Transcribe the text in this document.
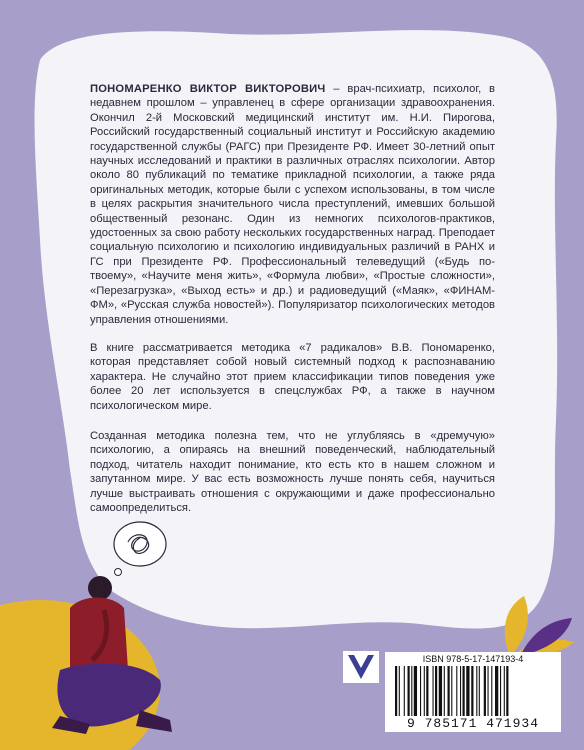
ПОНОМАРЕНКО ВИКТОР ВИКТОРОВИЧ – врач-психиатр, психолог, в недавнем прошлом – управленец в сфере организации здравоохранения. Окончил 2-й Московский медицинский институт им. Н.И. Пирогова, Российский государственный социальный институт и Российскую академию государственной службы (РАГС) при Президенте РФ. Имеет 30-летний опыт научных исследований и практики в различных отраслях психологии. Автор около 80 публикаций по тематике прикладной психологии, а также ряда оригинальных методик, которые были с успехом использованы, в том числе в целях раскрытия значительного числа преступлений, имевших большой общественный резонанс. Один из немногих психологов-практиков, удостоенных за свою работу нескольких государственных наград. Преподает социальную психологию и психологию индивидуальных различий в РАНХ и ГС при Президенте РФ. Профессиональный телеведущий («Будь по-твоему», «Научите меня жить», «Формула любви», «Простые сложности», «Перезагрузка», «Выход есть» и др.) и радиоведущий («Маяк», «ФИНАМ-ФМ», «Русская служба новостей»). Популяризатор психологических методов управления отношениями.

В книге рассматривается методика «7 радикалов» В.В. Пономаренко, которая представляет собой новый системный подход к распознаванию характера. Не случайно этот прием классификации типов поведения уже более 20 лет используется в спецслужбах РФ, а также в научном психологическом мире.

Созданная методика полезна тем, что не углубляясь в «дремучую» психологию, а опираясь на внешний поведенческий, наблюдательный подход, читатель находит понимание, кто есть кто в нашем сложном и запутанном мире. У вас есть возможность лучше понять себя, научиться лучше выстраивать отношения с окружающими и даже профессионально самоопределиться.

ISBN 978-5-17-147193-4
9 785171 471934
